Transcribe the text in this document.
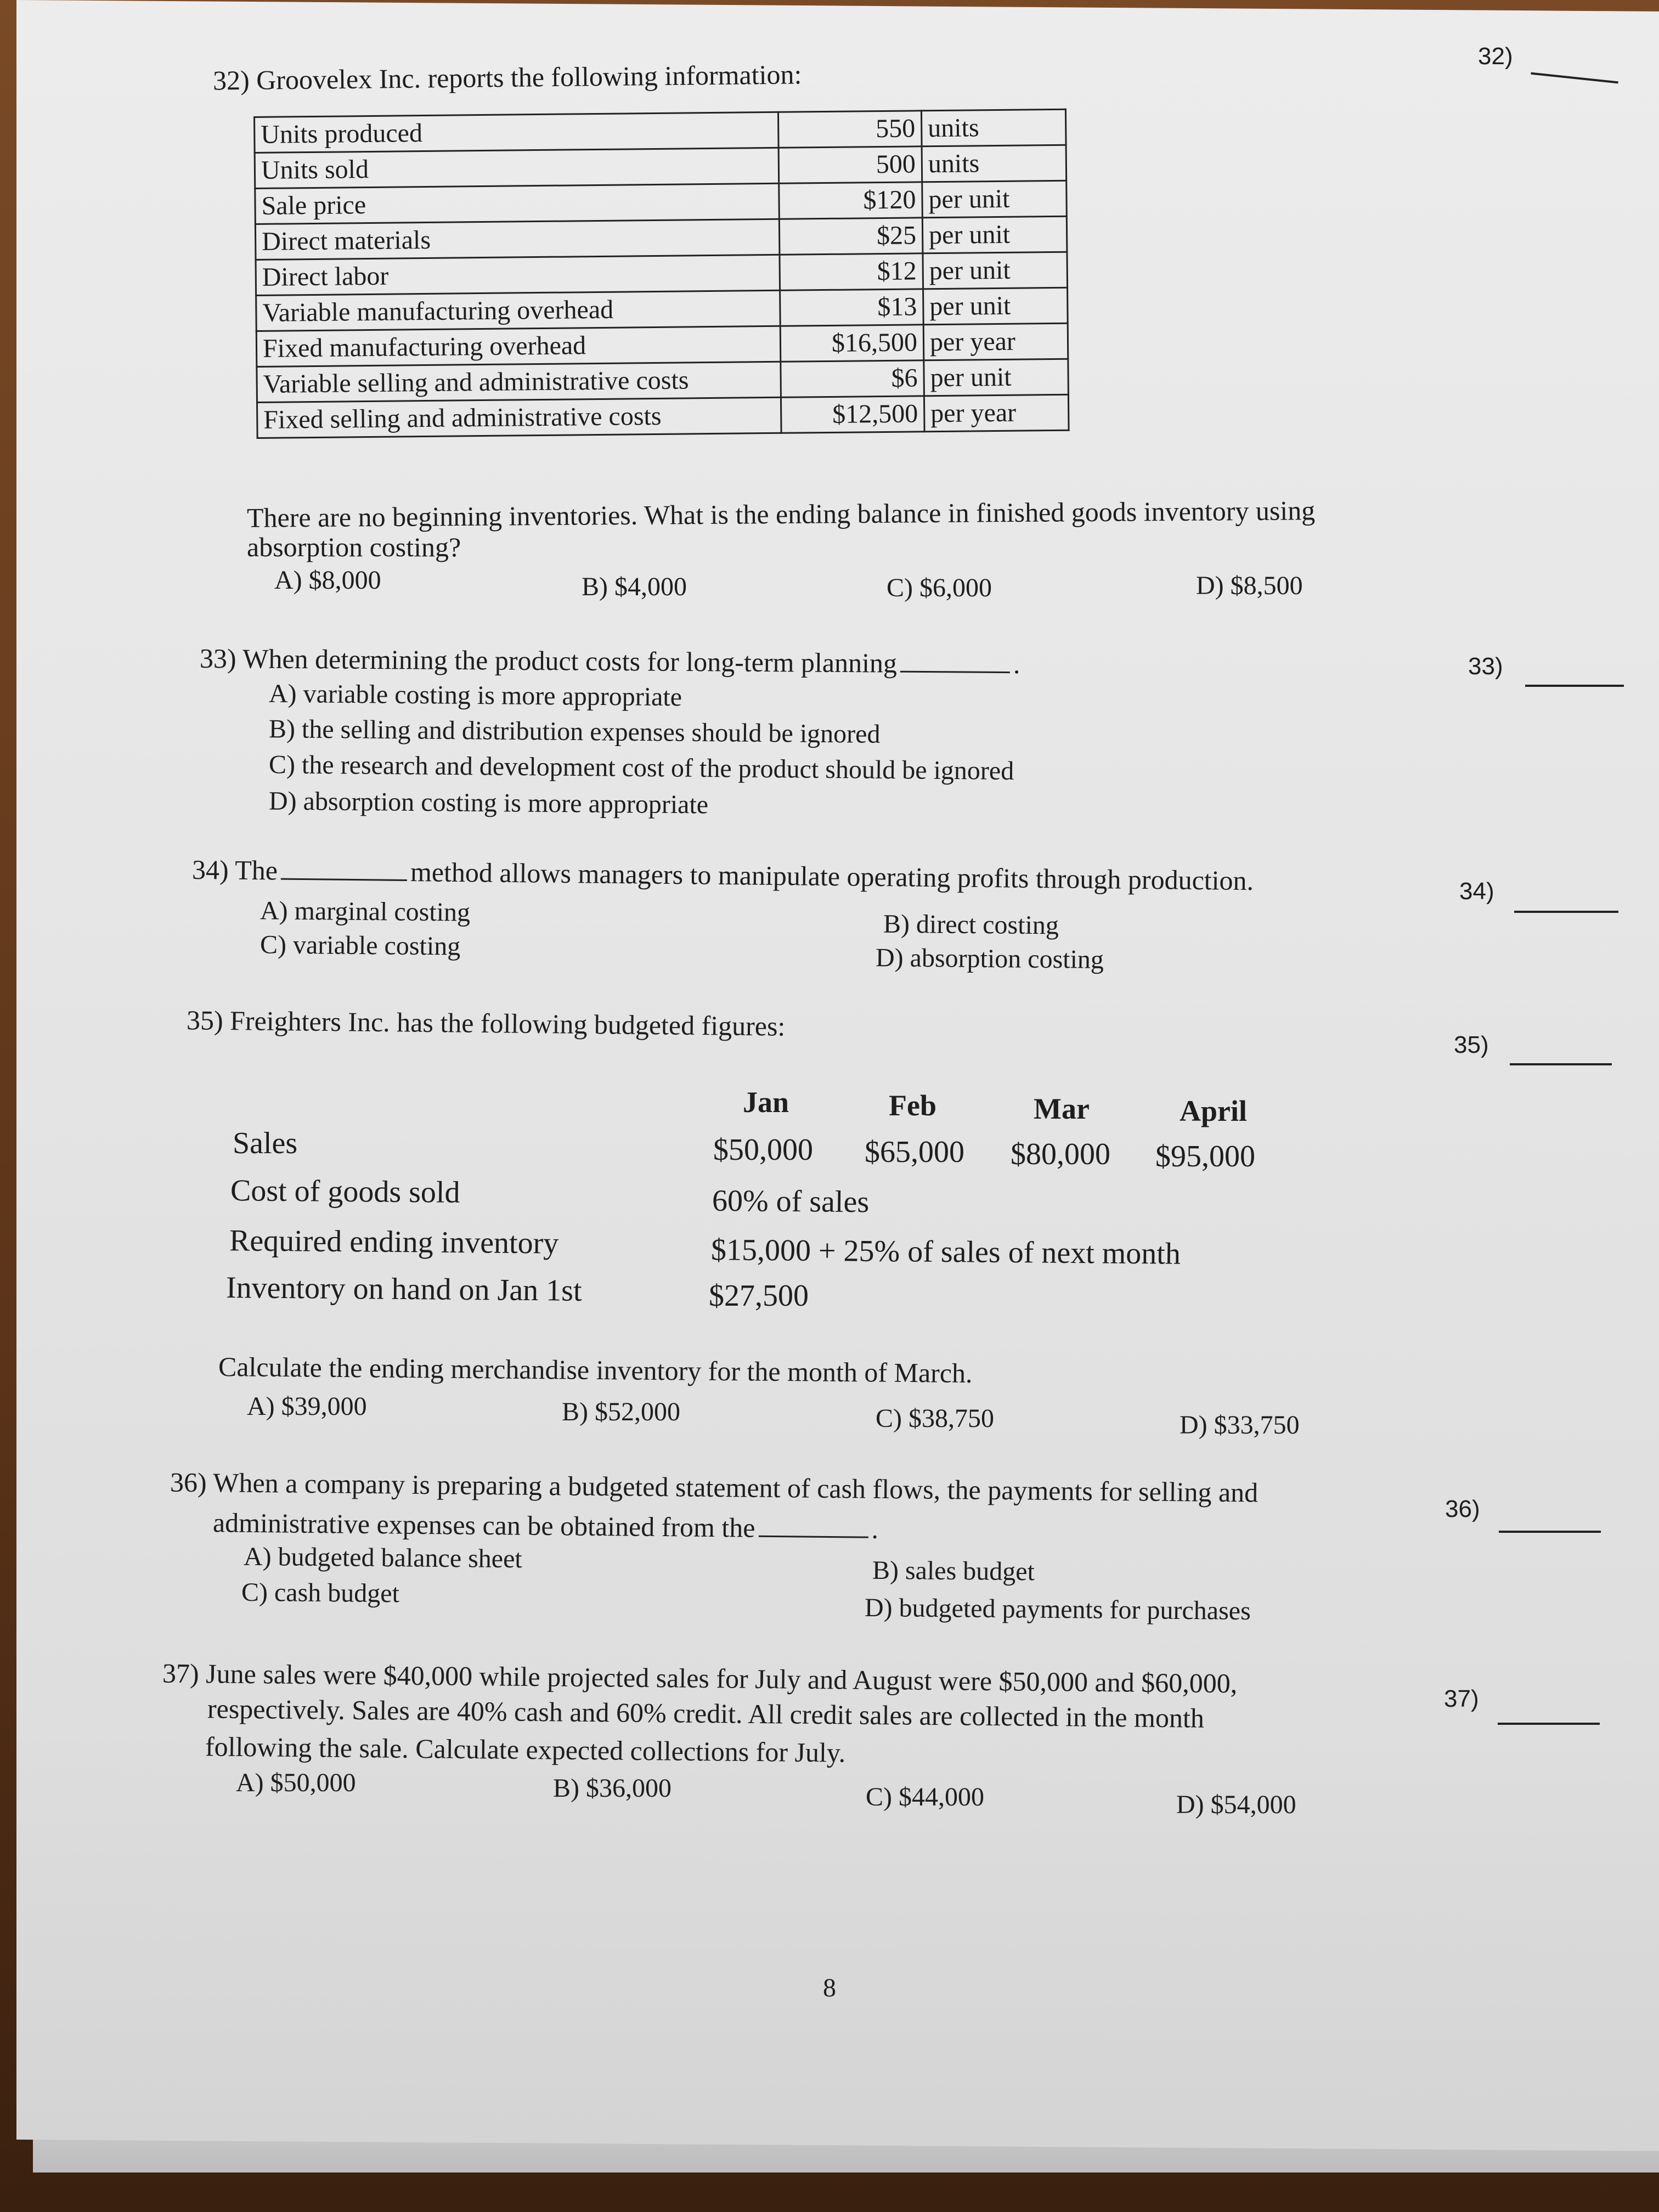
32)
32) Groovelex Inc. reports the following information:
Units produced	550	units
Units sold	500	units
Sale price	$120	per unit
Direct materials	$25	per unit
Direct labor	$12	per unit
Variable manufacturing overhead	$13	per unit
Fixed manufacturing overhead	$16,500	per year
Variable selling and administrative costs	$6	per unit
Fixed selling and administrative costs	$12,500	per year
There are no beginning inventories. What is the ending balance in finished goods inventory using
absorption costing?
A) $8,000	B) $4,000	C) $6,000	D) $8,500
33)
33) When determining the product costs for long-term planning	.
A) variable costing is more appropriate
B) the selling and distribution expenses should be ignored
C) the research and development cost of the product should be ignored
D) absorption costing is more appropriate
34)
34) The	method allows managers to manipulate operating profits through production.
A) marginal costing	B) direct costing
C) variable costing	D) absorption costing
35)
35) Freighters Inc. has the following budgeted figures:
Jan	Feb	Mar	April
Sales	$50,000 $65,000 $80,000 $95,000
Cost of goods sold	60% of sales
Required ending inventory	$15,000 + 25% of sales of next month
Inventory on hand on Jan 1st	$27,500
Calculate the ending merchandise inventory for the month of March.
A) $39,000	B) $52,000	C) $38,750	D) $33,750
36)
36) When a company is preparing a budgeted statement of cash flows, the payments for selling and
administrative expenses can be obtained from the	.
A) budgeted balance sheet	B) sales budget
C) cash budget
D) budgeted payments for purchases
37)
37) June sales were $40,000 while projected sales for July and August were $50,000 and $60,000,
respectively. Sales are 40% cash and 60% credit. All credit sales are collected in the month
following the sale. Calculate expected collections for July.
A) $50,000	B) $36,000	C) $44,000	D) $54,000
8
